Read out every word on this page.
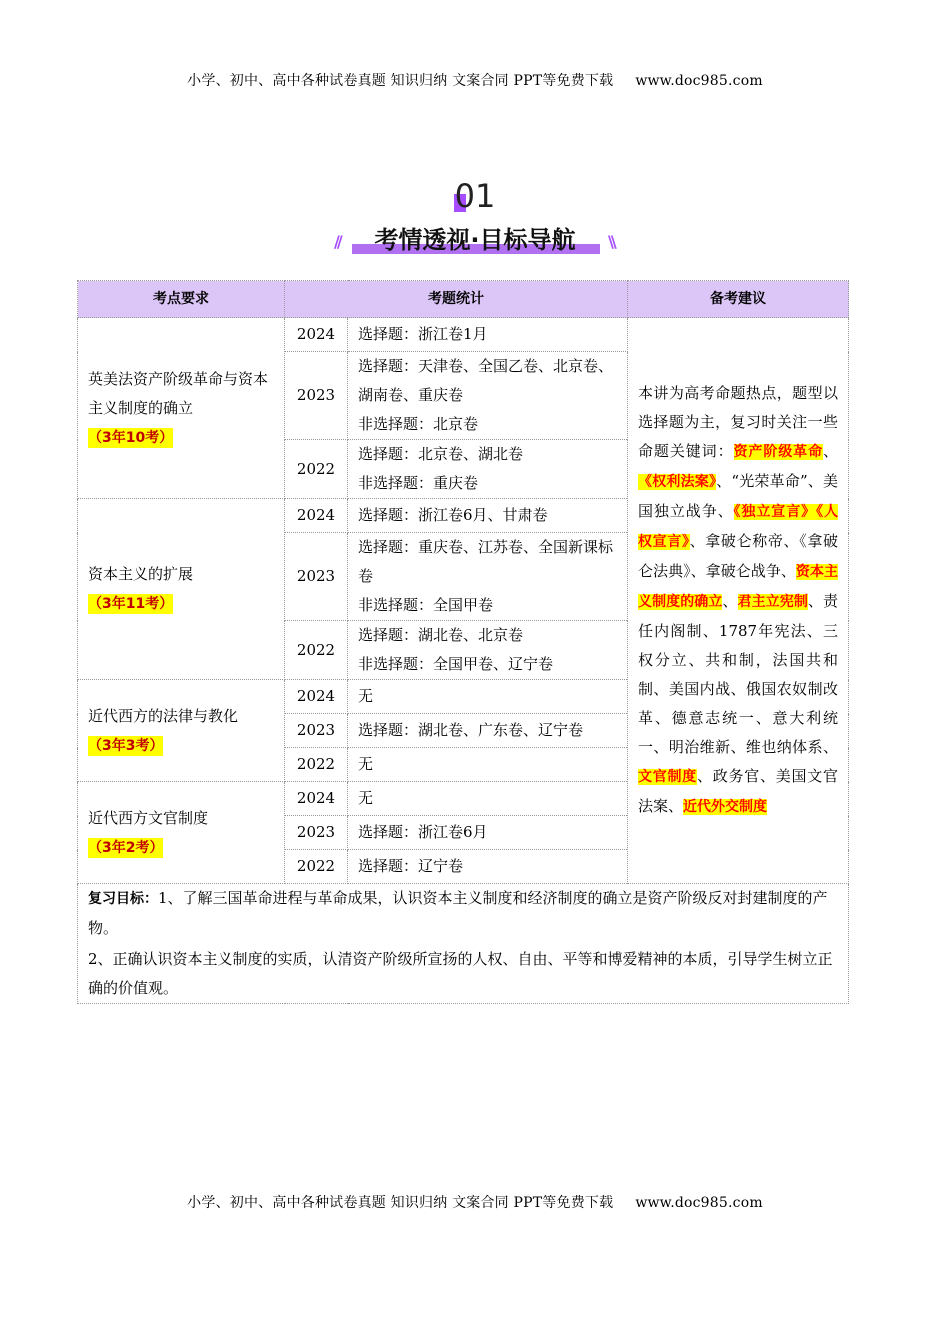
小学、初中、高中各种试卷真题 知识归纳 文案合同 PPT等免费下载 www.doc985.com
01
//	考情透视·目标导航	\\
考点要求	考题统计		备考建议

英美法资产阶级革命与资本主义制度的确立
（3年10考）	2024	选择题：浙江卷1月	本讲为高考命题热点，题型以选择题为主，复习时关注一些命题关键词：资产阶级革命、《权利法案》、“光荣革命”、美国独立战争、《独立宣言》《人权宣言》、拿破仑称帝、《拿破仑法典》、拿破仑战争、资本主义制度的确立、君主立宪制、责任内阁制、1787年宪法、三权分立、共和制，法国共和制、美国内战、俄国农奴制改革、德意志统一、意大利统一、明治维新、维也纳体系、文官制度、政务官、美国文官法案、近代外交制度
	2023	选择题：天津卷、全国乙卷、北京卷、湖南卷、重庆卷
非选择题：北京卷	

	2022	选择题：北京卷、湖北卷
非选择题：重庆卷	

资本主义的扩展
（3年11考）	2024	选择题：浙江卷6月、甘肃卷	

	2023	选择题：重庆卷、江苏卷、全国新课标卷
非选择题：全国甲卷	

	2022	选择题：湖北卷、北京卷
非选择题：全国甲卷、辽宁卷	

近代西方的法律与教化
（3年3考）	2024	无	

	2023	选择题：湖北卷、广东卷、辽宁卷	

	2022	无	

近代西方文官制度
（3年2考）	2024	无	

	2023	选择题：浙江卷6月	

	2022	选择题：辽宁卷	

复习目标：1、了解三国革命进程与革命成果，认识资本主义制度和经济制度的确立是资产阶级反对封建制度的产物。

2、正确认识资本主义制度的实质，认清资产阶级所宣扬的人权、自由、平等和博爱精神的本质，引导学生树立正确的价值观。			

小学、初中、高中各种试卷真题 知识归纳 文案合同 PPT等免费下载 www.doc985.com
